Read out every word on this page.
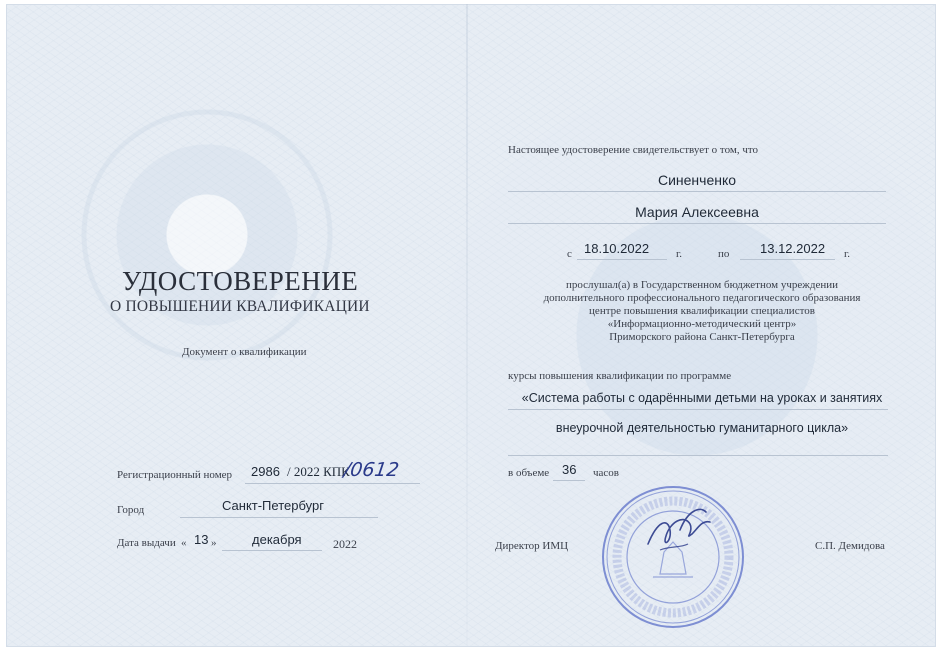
УДОСТОВЕРЕНИЕ
О ПОВЫШЕНИИ КВАЛИФИКАЦИИ
Документ о квалификации
Регистрационный номер 2986 / 2022 КПК
/0612
Город	Санкт-Петербург
Дата выдачи « 13 »	декабря	2022
Настоящее удостоверение свидетельствует о том, что
Синенченко
Мария Алексеевна
с 18.10.2022 г.	по 13.12.2022 г.
прослушал(а) в Государственном бюджетном учреждении
дополнительного профессионального педагогического образования
центре повышения квалификации специалистов
«Информационно-методический центр»
Приморского района Санкт-Петербурга
курсы повышения квалификации по программе
«Система работы с одарёнными детьми на уроках и занятиях
внеурочной деятельностью гуманитарного цикла»
в объеме 36 часов
Директор ИМЦ	С.П. Демидова
